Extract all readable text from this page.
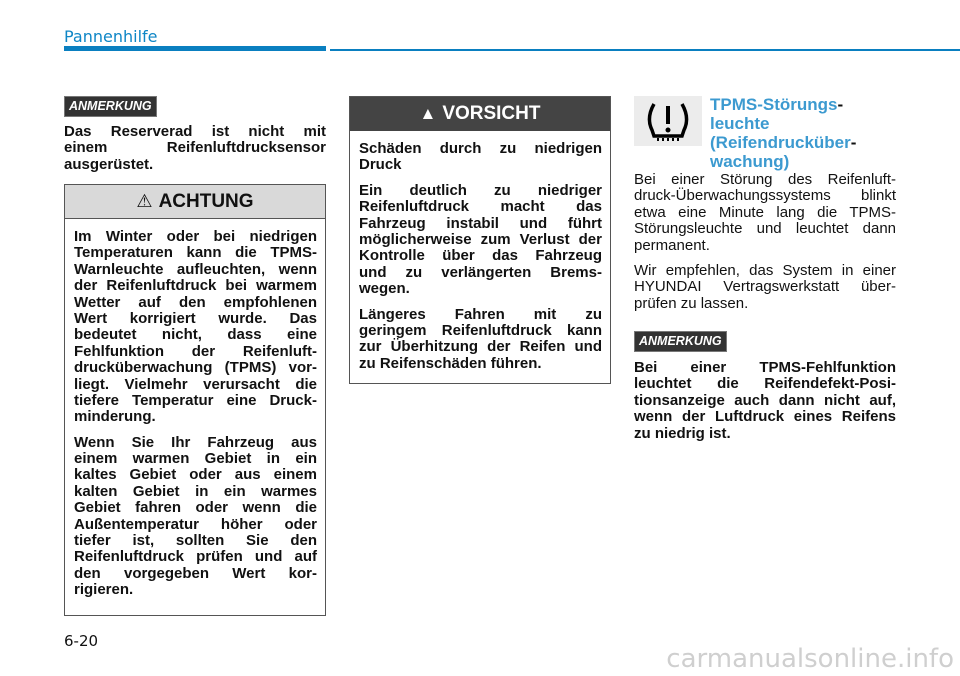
Pannenhilfe
ANMERKUNG
Das Reserverad ist nicht mit
einem Reifenluftdrucksensor
ausgerüstet.
⚠ ACHTUNG
Im Winter oder bei niedrigen
Temperaturen kann die TPMS-
Warnleuchte aufleuchten, wenn
der Reifenluftdruck bei warmem
Wetter auf den empfohlenen
Wert korrigiert wurde. Das
bedeutet nicht, dass eine
Fehlfunktion der Reifenluft-
drucküberwachung (TPMS) vor-
liegt. Vielmehr verursacht die
tiefere Temperatur eine Druck-
minderung.
Wenn Sie Ihr Fahrzeug aus
einem warmen Gebiet in ein
kaltes Gebiet oder aus einem
kalten Gebiet in ein warmes
Gebiet fahren oder wenn die
Außentemperatur höher oder
tiefer ist, sollten Sie den
Reifenluftdruck prüfen und auf
den vorgegeben Wert kor-
rigieren.
▲ VORSICHT
Schäden durch zu niedrigen
Druck
Ein deutlich zu niedriger
Reifenluftdruck macht das
Fahrzeug instabil und führt
möglicherweise zum Verlust der
Kontrolle über das Fahrzeug
und zu verlängerten Brems-
wegen.
Längeres Fahren mit zu
geringem Reifenluftdruck kann
zur Überhitzung der Reifen und
zu Reifenschäden führen.
TPMS-Störungs-
leuchte
(Reifendrucküber-
wachung)
Bei einer Störung des Reifenluft-
druck-Überwachungssystems blinkt
etwa eine Minute lang die TPMS-
Störungsleuchte und leuchtet dann
permanent.
Wir empfehlen, das System in einer
HYUNDAI Vertragswerkstatt über-
prüfen zu lassen.
ANMERKUNG
Bei einer TPMS-Fehlfunktion
leuchtet die Reifendefekt-Posi-
tionsanzeige auch dann nicht auf,
wenn der Luftdruck eines Reifens
zu niedrig ist.
6-20
carmanualsonline.info
